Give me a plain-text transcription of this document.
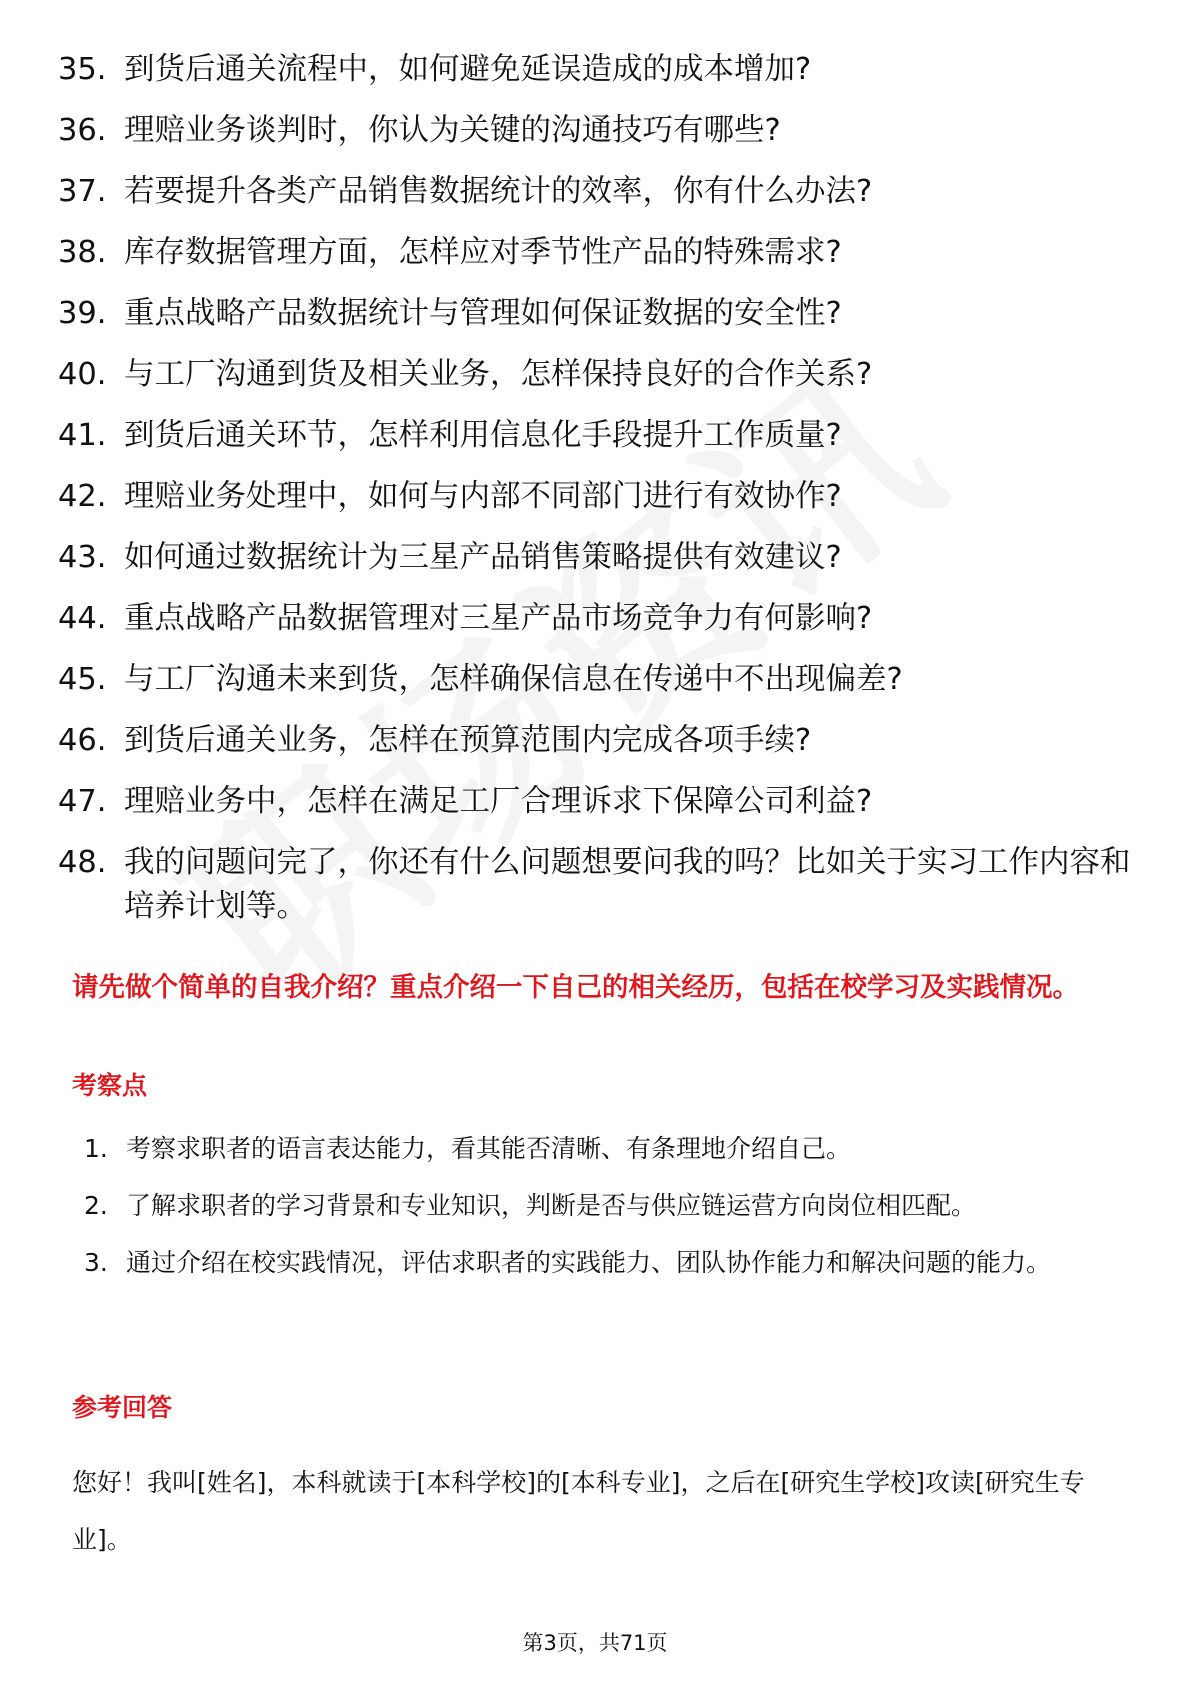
35. 到货后通关流程中，如何避免延误造成的成本增加?
36. 理赔业务谈判时，你认为关键的沟通技巧有哪些?
37. 若要提升各类产品销售数据统计的效率，你有什么办法?
38. 库存数据管理方面，怎样应对季节性产品的特殊需求?
39. 重点战略产品数据统计与管理如何保证数据的安全性?
40. 与工厂沟通到货及相关业务，怎样保持良好的合作关系?
41. 到货后通关环节，怎样利用信息化手段提升工作质量?
42. 理赔业务处理中，如何与内部不同部门进行有效协作?
43. 如何通过数据统计为三星产品销售策略提供有效建议?
44. 重点战略产品数据管理对三星产品市场竞争力有何影响?
45. 与工厂沟通未来到货，怎样确保信息在传递中不出现偏差?
46. 到货后通关业务，怎样在预算范围内完成各项手续?
47. 理赔业务中，怎样在满足工厂合理诉求下保障公司利益?
48. 我的问题问完了，你还有什么问题想要问我的吗？比如关于实习工作内容和培养计划等。
请先做个简单的自我介绍？重点介绍一下自己的相关经历，包括在校学习及实践情况。
考察点
1. 考察求职者的语言表达能力，看其能否清晰、有条理地介绍自己。
2. 了解求职者的学习背景和专业知识，判断是否与供应链运营方向岗位相匹配。
3. 通过介绍在校实践情况，评估求职者的实践能力、团队协作能力和解决问题的能力。
参考回答
您好！我叫[姓名]，本科就读于[本科学校]的[本科专业]，之后在[研究生学校]攻读[研究生专业]。
第3页，共71页
